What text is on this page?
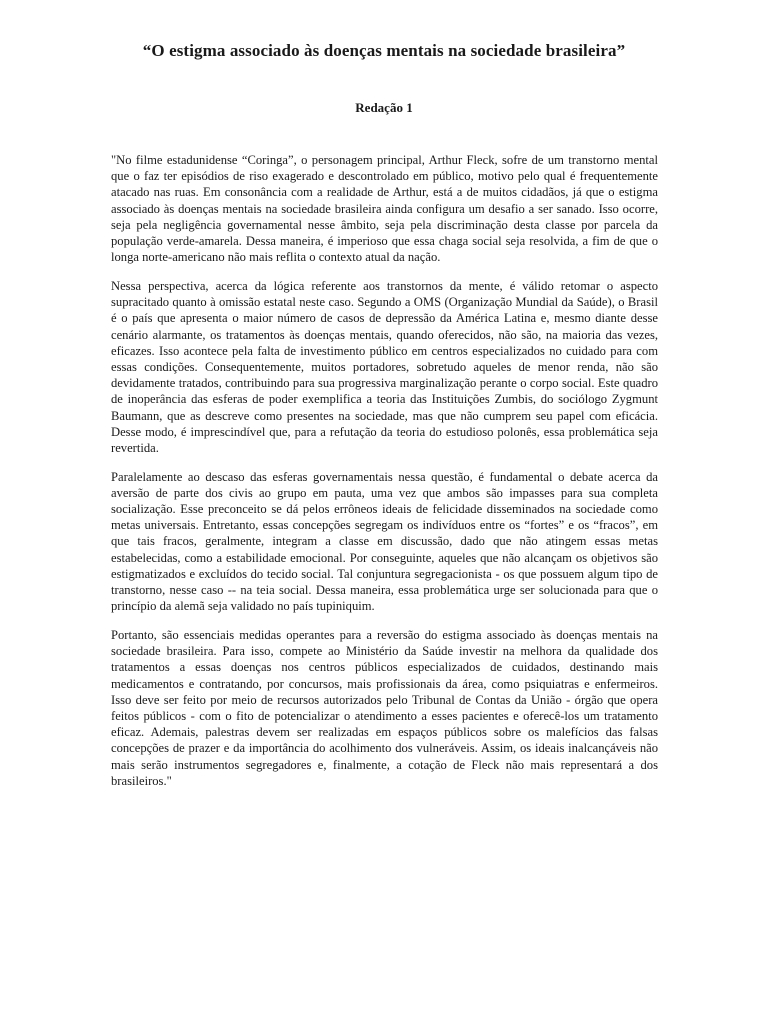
“O estigma associado às doenças mentais na sociedade brasileira”
Redação 1

"No filme estadunidense “Coringa”, o personagem principal, Arthur Fleck, sofre de um transtorno mental que o faz ter episódios de riso exagerado e descontrolado em público, motivo pelo qual é frequentemente atacado nas ruas. Em consonância com a realidade de Arthur, está a de muitos cidadãos, já que o estigma associado às doenças mentais na sociedade brasileira ainda configura um desafio a ser sanado. Isso ocorre, seja pela negligência governamental nesse âmbito, seja pela discriminação desta classe por parcela da população verde-amarela. Dessa maneira, é imperioso que essa chaga social seja resolvida, a fim de que o longa norte-americano não mais reflita o contexto atual da nação.

Nessa perspectiva, acerca da lógica referente aos transtornos da mente, é válido retomar o aspecto supracitado quanto à omissão estatal neste caso. Segundo a OMS (Organização Mundial da Saúde), o Brasil é o país que apresenta o maior número de casos de depressão da América Latina e, mesmo diante desse cenário alarmante, os tratamentos às doenças mentais, quando oferecidos, não são, na maioria das vezes, eficazes. Isso acontece pela falta de investimento público em centros especializados no cuidado para com essas condições. Consequentemente, muitos portadores, sobretudo aqueles de menor renda, não são devidamente tratados, contribuindo para sua progressiva marginalização perante o corpo social. Este quadro de inoperância das esferas de poder exemplifica a teoria das Instituições Zumbis, do sociólogo Zygmunt Baumann, que as descreve como presentes na sociedade, mas que não cumprem seu papel com eficácia. Desse modo, é imprescindível que, para a refutação da teoria do estudioso polonês, essa problemática seja revertida.

Paralelamente ao descaso das esferas governamentais nessa questão, é fundamental o debate acerca da aversão de parte dos civis ao grupo em pauta, uma vez que ambos são impasses para sua completa socialização. Esse preconceito se dá pelos errôneos ideais de felicidade disseminados na sociedade como metas universais. Entretanto, essas concepções segregam os indivíduos entre os “fortes” e os “fracos”, em que tais fracos, geralmente, integram a classe em discussão, dado que não atingem essas metas estabelecidas, como a estabilidade emocional. Por conseguinte, aqueles que não alcançam os objetivos são estigmatizados e excluídos do tecido social. Tal conjuntura segregacionista - os que possuem algum tipo de transtorno, nesse caso -- na teia social. Dessa maneira, essa problemática urge ser solucionada para que o princípio da alemã seja validado no país tupiniquim.

Portanto, são essenciais medidas operantes para a reversão do estigma associado às doenças mentais na sociedade brasileira. Para isso, compete ao Ministério da Saúde investir na melhora da qualidade dos tratamentos a essas doenças nos centros públicos especializados de cuidados, destinando mais medicamentos e contratando, por concursos, mais profissionais da área, como psiquiatras e enfermeiros. Isso deve ser feito por meio de recursos autorizados pelo Tribunal de Contas da União - órgão que opera feitos públicos - com o fito de potencializar o atendimento a esses pacientes e oferecê-los um tratamento eficaz. Ademais, palestras devem ser realizadas em espaços públicos sobre os malefícios das falsas concepções de prazer e da importância do acolhimento dos vulneráveis. Assim, os ideais inalcançáveis não mais serão instrumentos segregadores e, finalmente, a cotação de Fleck não mais representará a dos brasileiros."
